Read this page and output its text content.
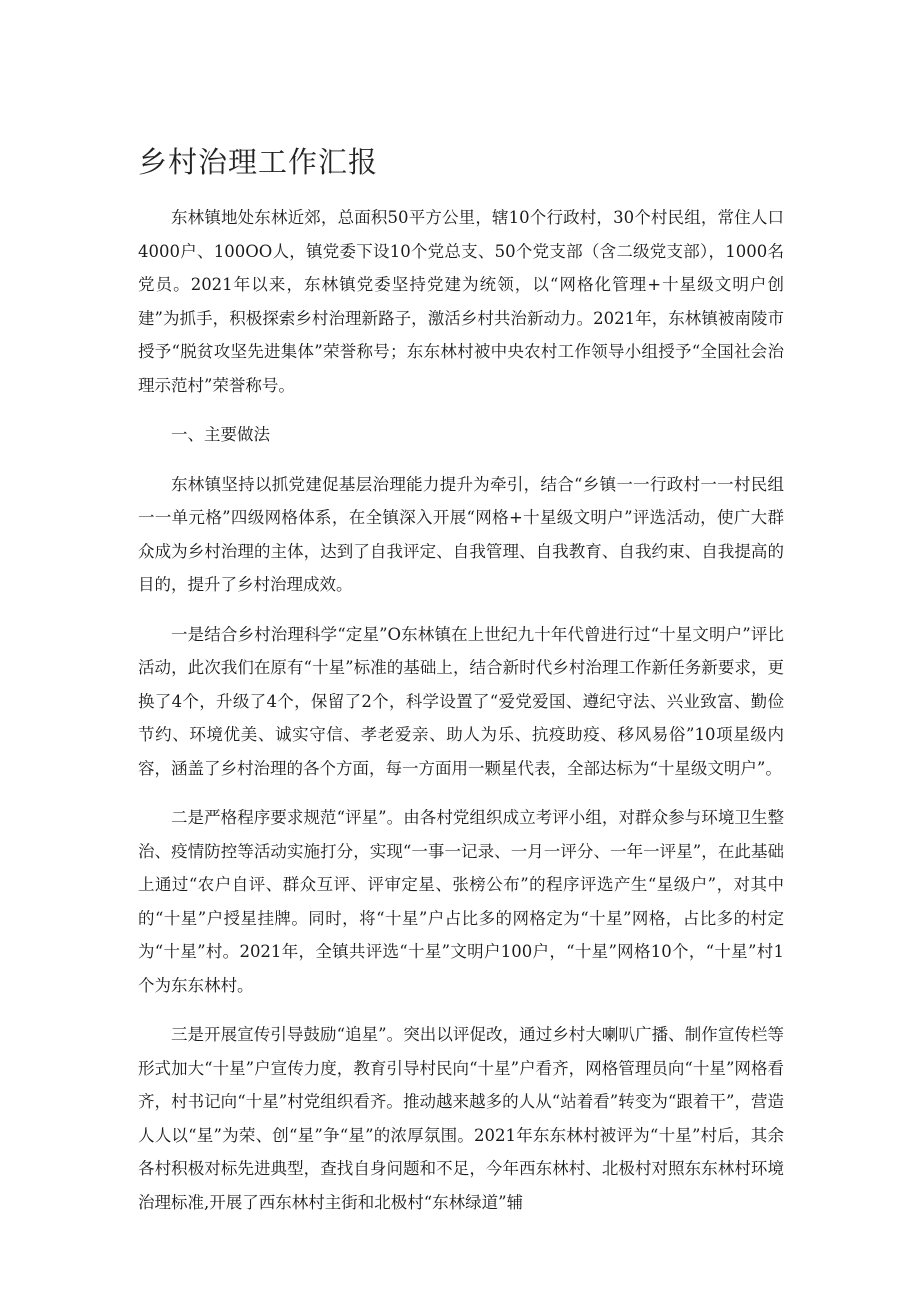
乡村治理工作汇报

东林镇地处东林近郊，总面积50平方公里，辖10个行政村，30个村民组，常住人口4000户、100OO人，镇党委下设10个党总支、50个党支部（含二级党支部），1000名党员。2021年以来，东林镇党委坚持党建为统领，以“网格化管理+十星级文明户创建”为抓手，积极探索乡村治理新路子，激活乡村共治新动力。2021年，东林镇被南陵市授予“脱贫攻坚先进集体”荣誉称号；东东林村被中央农村工作领导小组授予“全国社会治理示范村”荣誉称号。

一、主要做法

东林镇坚持以抓党建促基层治理能力提升为牵引，结合“乡镇一一行政村一一村民组一一单元格”四级网格体系，在全镇深入开展“网格+十星级文明户”评选活动，使广大群众成为乡村治理的主体，达到了自我评定、自我管理、自我教育、自我约束、自我提高的目的，提升了乡村治理成效。

一是结合乡村治理科学“定星”O东林镇在上世纪九十年代曾进行过“十星文明户”评比活动，此次我们在原有“十星”标准的基础上，结合新时代乡村治理工作新任务新要求，更换了4个，升级了4个，保留了2个，科学设置了“爱党爱国、遵纪守法、兴业致富、勤俭节约、环境优美、诚实守信、孝老爱亲、助人为乐、抗疫助疫、移风易俗”10项星级内容，涵盖了乡村治理的各个方面，每一方面用一颗星代表，全部达标为“十星级文明户”。

二是严格程序要求规范“评星”。由各村党组织成立考评小组，对群众参与环境卫生整治、疫情防控等活动实施打分，实现“一事一记录、一月一评分、一年一评星”，在此基础上通过“农户自评、群众互评、评审定星、张榜公布”的程序评选产生“星级户”，对其中的“十星”户授星挂牌。同时，将“十星”户占比多的网格定为“十星”网格，占比多的村定为“十星”村。2021年，全镇共评选“十星”文明户100户，“十星”网格10个，“十星”村1个为东东林村。

三是开展宣传引导鼓励“追星”。突出以评促改，通过乡村大喇叭广播、制作宣传栏等形式加大“十星”户宣传力度，教育引导村民向“十星”户看齐，网格管理员向“十星”网格看齐，村书记向“十星”村党组织看齐。推动越来越多的人从“站着看”转变为“跟着干”，营造人人以“星”为荣、创“星”争“星”的浓厚氛围。2021年东东林村被评为“十星”村后，其余各村积极对标先进典型，查找自身问题和不足，今年西东林村、北极村对照东东林村环境治理标准,开展了西东林村主街和北极村“东林绿道”辅
